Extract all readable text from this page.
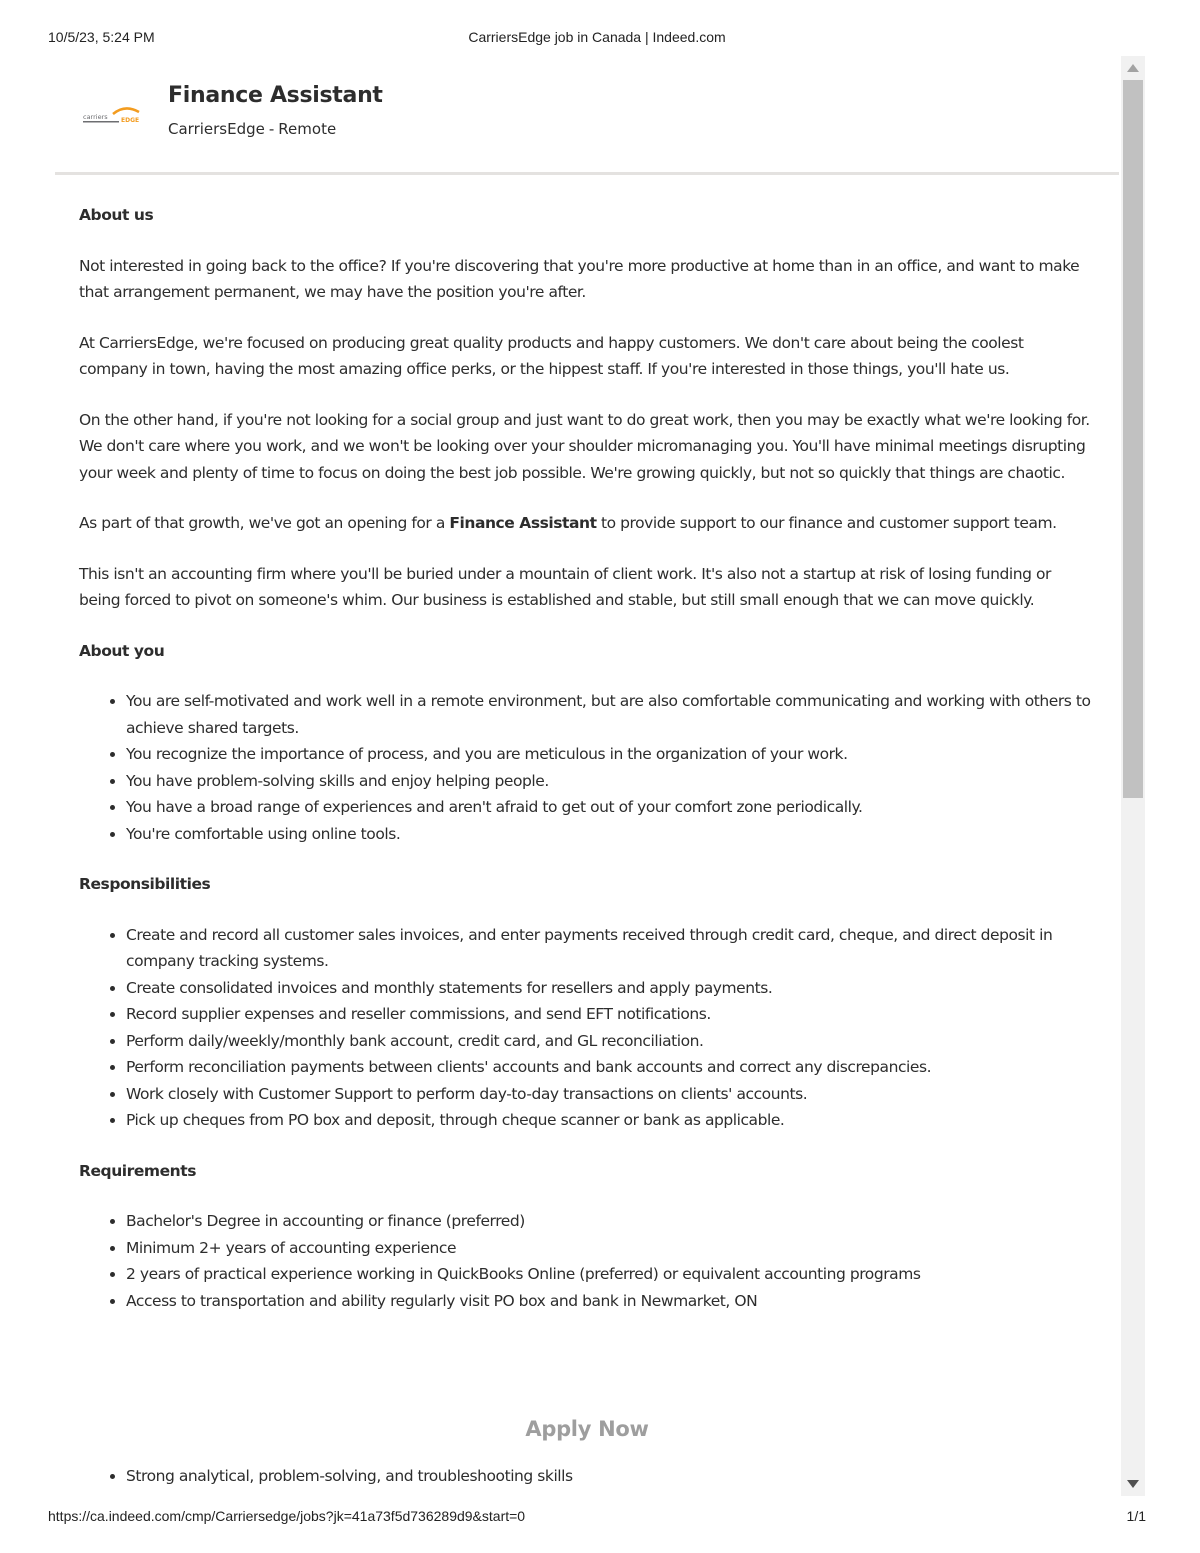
10/5/23, 5:24 PM	CarriersEdge job in Canada | Indeed.com
carriers EDGE
Finance Assistant
CarriersEdge - Remote
About us

Not interested in going back to the office? If you're discovering that you're more productive at home than in an office, and want to make that arrangement permanent, we may have the position you're after.

At CarriersEdge, we're focused on producing great quality products and happy customers. We don't care about being the coolest company in town, having the most amazing office perks, or the hippest staff. If you're interested in those things, you'll hate us.

On the other hand, if you're not looking for a social group and just want to do great work, then you may be exactly what we're looking for. We don't care where you work, and we won't be looking over your shoulder micromanaging you. You'll have minimal meetings disrupting your week and plenty of time to focus on doing the best job possible. We're growing quickly, but not so quickly that things are chaotic.

As part of that growth, we've got an opening for a Finance Assistant to provide support to our finance and customer support team.

This isn't an accounting firm where you'll be buried under a mountain of client work. It's also not a startup at risk of losing funding or being forced to pivot on someone's whim. Our business is established and stable, but still small enough that we can move quickly.

About you
• You are self-motivated and work well in a remote environment, but are also comfortable communicating and working with others to achieve shared targets.
• You recognize the importance of process, and you are meticulous in the organization of your work.
• You have problem-solving skills and enjoy helping people.
• You have a broad range of experiences and aren't afraid to get out of your comfort zone periodically.
• You're comfortable using online tools.
Responsibilities
• Create and record all customer sales invoices, and enter payments received through credit card, cheque, and direct deposit in company tracking systems.
• Create consolidated invoices and monthly statements for resellers and apply payments.
• Record supplier expenses and reseller commissions, and send EFT notifications.
• Perform daily/weekly/monthly bank account, credit card, and GL reconciliation.
• Perform reconciliation payments between clients' accounts and bank accounts and correct any discrepancies.
• Work closely with Customer Support to perform day-to-day transactions on clients' accounts.
• Pick up cheques from PO box and deposit, through cheque scanner or bank as applicable.
Requirements
• Bachelor's Degree in accounting or finance (preferred)
• Minimum 2+ years of accounting experience
• 2 years of practical experience working in QuickBooks Online (preferred) or equivalent accounting programs
• Access to transportation and ability regularly visit PO box and bank in Newmarket, ON
Apply Now
• Strong analytical, problem-solving, and troubleshooting skills
https://ca.indeed.com/cmp/Carriersedge/jobs?jk=41a73f5d736289d9&start=0	1/1
